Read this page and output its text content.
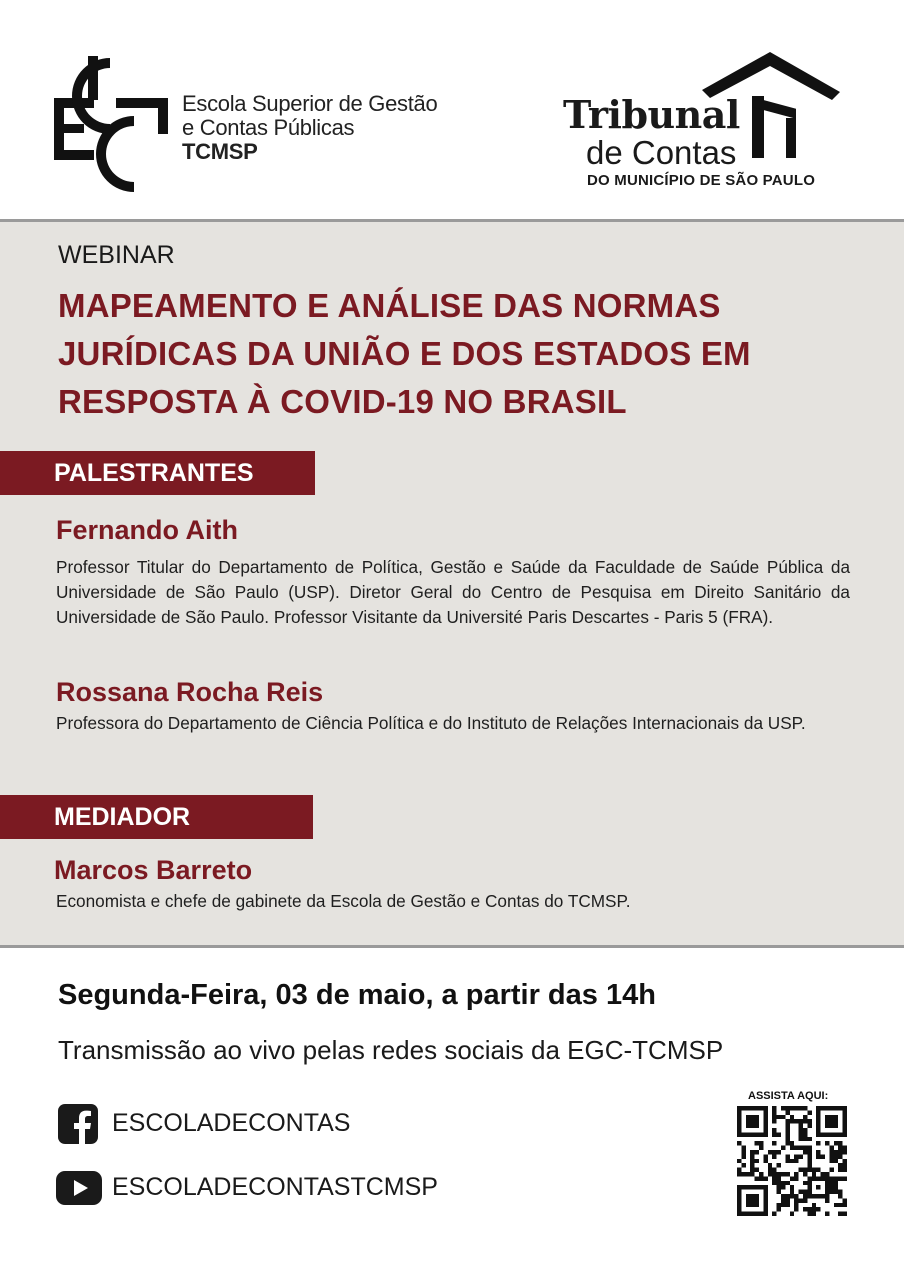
Escola Superior de Gestão
e Contas Públicas
TCMSP
Tribunal
de Contas
DO MUNICÍPIO DE SÃO PAULO
WEBINAR
MAPEAMENTO E ANÁLISE DAS NORMAS
JURÍDICAS DA UNIÃO E DOS ESTADOS EM
RESPOSTA À COVID-19 NO BRASIL
PALESTRANTES
Fernando Aith
Professor Titular do Departamento de Política, Gestão e Saúde da Faculdade de Saúde Pública da Universidade de São Paulo (USP). Diretor Geral do Centro de Pesquisa em Direito Sanitário da Universidade de São Paulo. Professor Visitante da Université Paris Descartes - Paris 5 (FRA).
Rossana Rocha Reis
Professora do Departamento de Ciência Política e do Instituto de Relações Internacionais da USP.
MEDIADOR
Marcos Barreto
Economista e chefe de gabinete da Escola de Gestão e Contas do TCMSP.
Segunda-Feira, 03 de maio, a partir das 14h
Transmissão ao vivo pelas redes sociais da EGC-TCMSP
ESCOLADECONTAS
ESCOLADECONTASTCMSP
ASSISTA AQUI:
